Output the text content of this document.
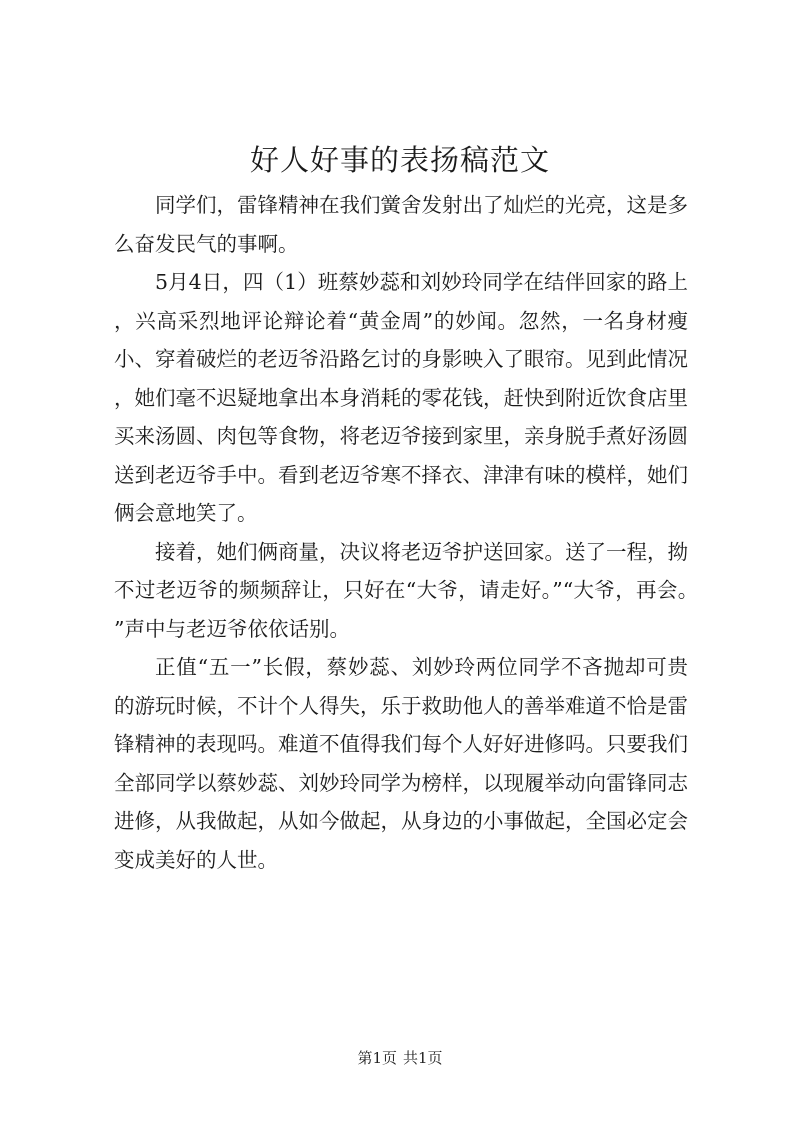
好人好事的表扬稿范文

同学们，雷锋精神在我们黉舍发射出了灿烂的光亮，这是多么奋发民气的事啊。

5月4日，四（1）班蔡妙蕊和刘妙玲同学在结伴回家的路上，兴高采烈地评论辩论着“黄金周”的妙闻。忽然，一名身材瘦小、穿着破烂的老迈爷沿路乞讨的身影映入了眼帘。见到此情况，她们毫不迟疑地拿出本身消耗的零花钱，赶快到附近饮食店里买来汤圆、肉包等食物，将老迈爷接到家里，亲身脱手煮好汤圆送到老迈爷手中。看到老迈爷寒不择衣、津津有味的模样，她们俩会意地笑了。

接着，她们俩商量，决议将老迈爷护送回家。送了一程，拗不过老迈爷的频频辞让，只好在“大爷，请走好。”“大爷，再会。”声中与老迈爷依依话别。

正值“五一”长假，蔡妙蕊、刘妙玲两位同学不吝抛却可贵的游玩时候，不计个人得失，乐于救助他人的善举难道不恰是雷锋精神的表现吗。难道不值得我们每个人好好进修吗。只要我们全部同学以蔡妙蕊、刘妙玲同学为榜样，以现履举动向雷锋同志进修，从我做起，从如今做起，从身边的小事做起，全国必定会变成美好的人世。

第1页 共1页
